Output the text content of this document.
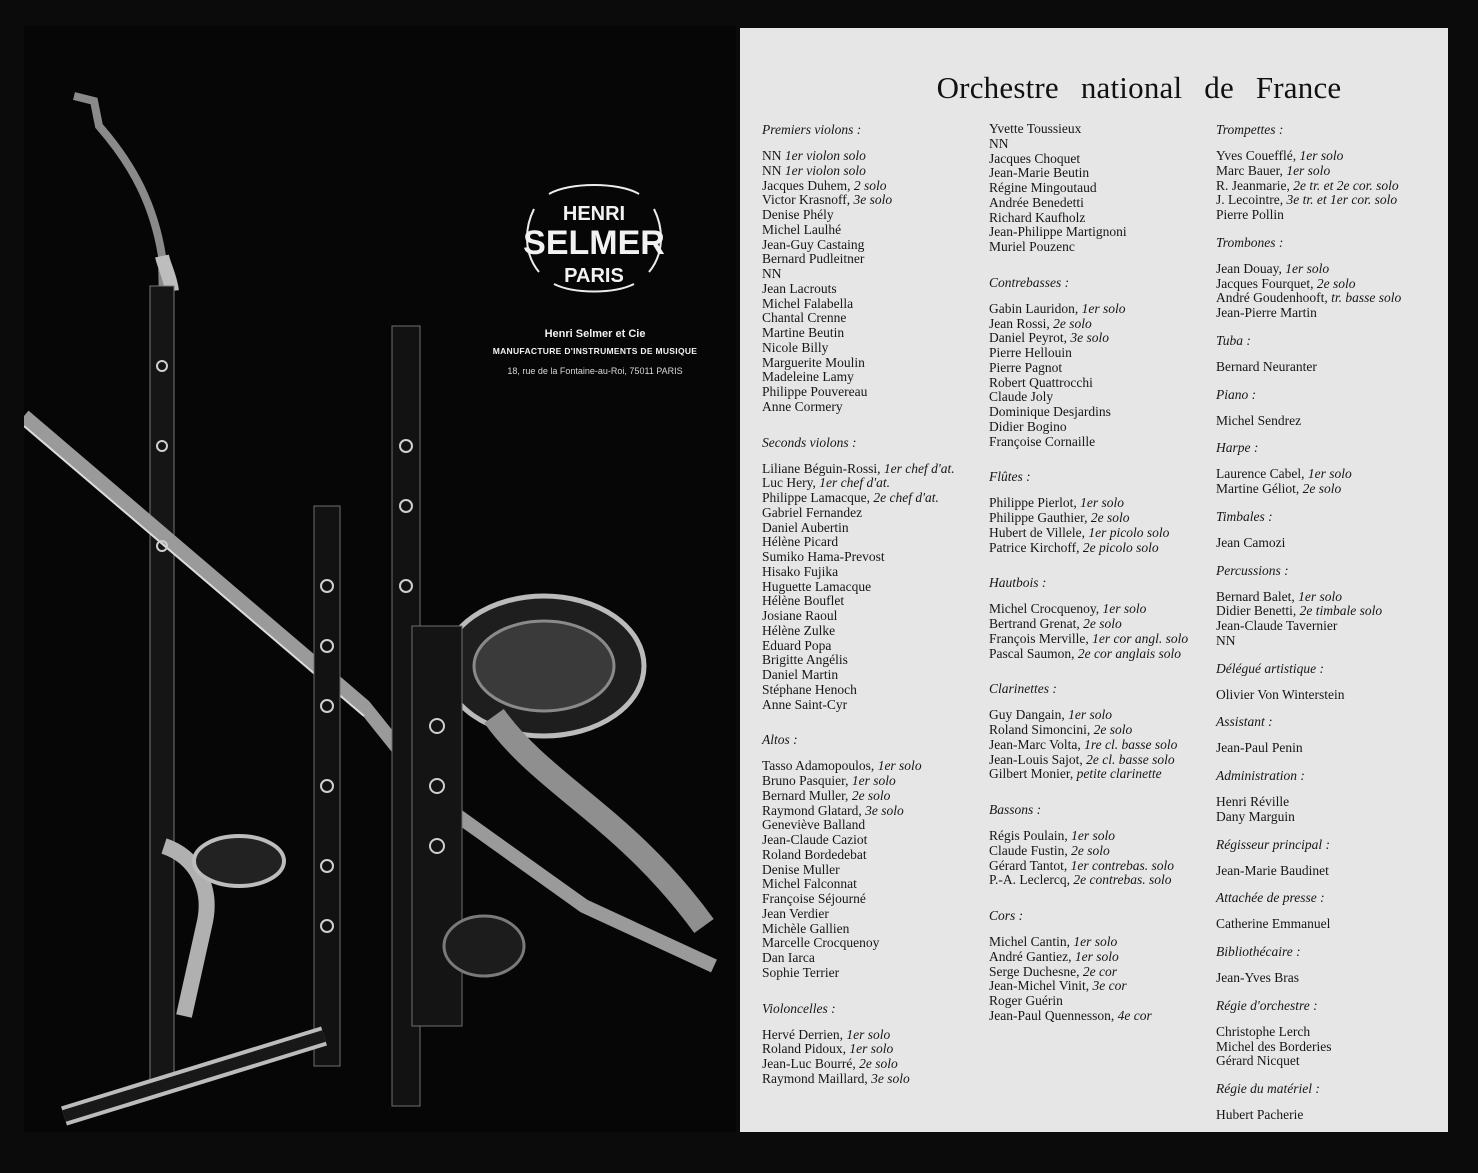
HENRI
SELMER
PARIS
Henri Selmer et Cie
MANUFACTURE D'INSTRUMENTS DE MUSIQUE
18, rue de la Fontaine-au-Roi, 75011 PARIS
Orchestre national de France
Premiers violons :
NN 1er violon solo
NN 1er violon solo
Jacques Duhem, 2 solo
Victor Krasnoff, 3e solo
Denise Phély
Michel Laulhé
Jean-Guy Castaing
Bernard Pudleitner
NN
Jean Lacrouts
Michel Falabella
Chantal Crenne
Martine Beutin
Nicole Billy
Marguerite Moulin
Madeleine Lamy
Philippe Pouvereau
Anne Cormery
Seconds violons :
Liliane Béguin-Rossi, 1er chef d'at.
Luc Hery, 1er chef d'at.
Philippe Lamacque, 2e chef d'at.
Gabriel Fernandez
Daniel Aubertin
Hélène Picard
Sumiko Hama-Prevost
Hisako Fujika
Huguette Lamacque
Hélène Bouflet
Josiane Raoul
Hélène Zulke
Eduard Popa
Brigitte Angélis
Daniel Martin
Stéphane Henoch
Anne Saint-Cyr
Altos :
Tasso Adamopoulos, 1er solo
Bruno Pasquier, 1er solo
Bernard Muller, 2e solo
Raymond Glatard, 3e solo
Geneviève Balland
Jean-Claude Caziot
Roland Bordedebat
Denise Muller
Michel Falconnat
Françoise Séjourné
Jean Verdier
Michèle Gallien
Marcelle Crocquenoy
Dan Iarca
Sophie Terrier
Violoncelles :
Hervé Derrien, 1er solo
Roland Pidoux, 1er solo
Jean-Luc Bourré, 2e solo
Raymond Maillard, 3e solo
Yvette Toussieux
NN
Jacques Choquet
Jean-Marie Beutin
Régine Mingoutaud
Andrée Benedetti
Richard Kaufholz
Jean-Philippe Martignoni
Muriel Pouzenc
Contrebasses :
Gabin Lauridon, 1er solo
Jean Rossi, 2e solo
Daniel Peyrot, 3e solo
Pierre Hellouin
Pierre Pagnot
Robert Quattrocchi
Claude Joly
Dominique Desjardins
Didier Bogino
Françoise Cornaille
Flûtes :
Philippe Pierlot, 1er solo
Philippe Gauthier, 2e solo
Hubert de Villele, 1er picolo solo
Patrice Kirchoff, 2e picolo solo
Hautbois :
Michel Crocquenoy, 1er solo
Bertrand Grenat, 2e solo
François Merville, 1er cor angl. solo
Pascal Saumon, 2e cor anglais solo
Clarinettes :
Guy Dangain, 1er solo
Roland Simoncini, 2e solo
Jean-Marc Volta, 1re cl. basse solo
Jean-Louis Sajot, 2e cl. basse solo
Gilbert Monier, petite clarinette
Bassons :
Régis Poulain, 1er solo
Claude Fustin, 2e solo
Gérard Tantot, 1er contrebas. solo
P.-A. Leclercq, 2e contrebas. solo
Cors :
Michel Cantin, 1er solo
André Gantiez, 1er solo
Serge Duchesne, 2e cor
Jean-Michel Vinit, 3e cor
Roger Guérin
Jean-Paul Quennesson, 4e cor
Trompettes :
Yves Couefflé, 1er solo
Marc Bauer, 1er solo
R. Jeanmarie, 2e tr. et 2e cor. solo
J. Lecointre, 3e tr. et 1er cor. solo
Pierre Pollin
Trombones :
Jean Douay, 1er solo
Jacques Fourquet, 2e solo
André Goudenhooft, tr. basse solo
Jean-Pierre Martin
Tuba :
Bernard Neuranter
Piano :
Michel Sendrez
Harpe :
Laurence Cabel, 1er solo
Martine Géliot, 2e solo
Timbales :
Jean Camozi
Percussions :
Bernard Balet, 1er solo
Didier Benetti, 2e timbale solo
Jean-Claude Tavernier
NN
Délégué artistique :
Olivier Von Winterstein
Assistant :
Jean-Paul Penin
Administration :
Henri Réville
Dany Marguin
Régisseur principal :
Jean-Marie Baudinet
Attachée de presse :
Catherine Emmanuel
Bibliothécaire :
Jean-Yves Bras
Régie d'orchestre :
Christophe Lerch
Michel des Borderies
Gérard Nicquet
Régie du matériel :
Hubert Pacherie
